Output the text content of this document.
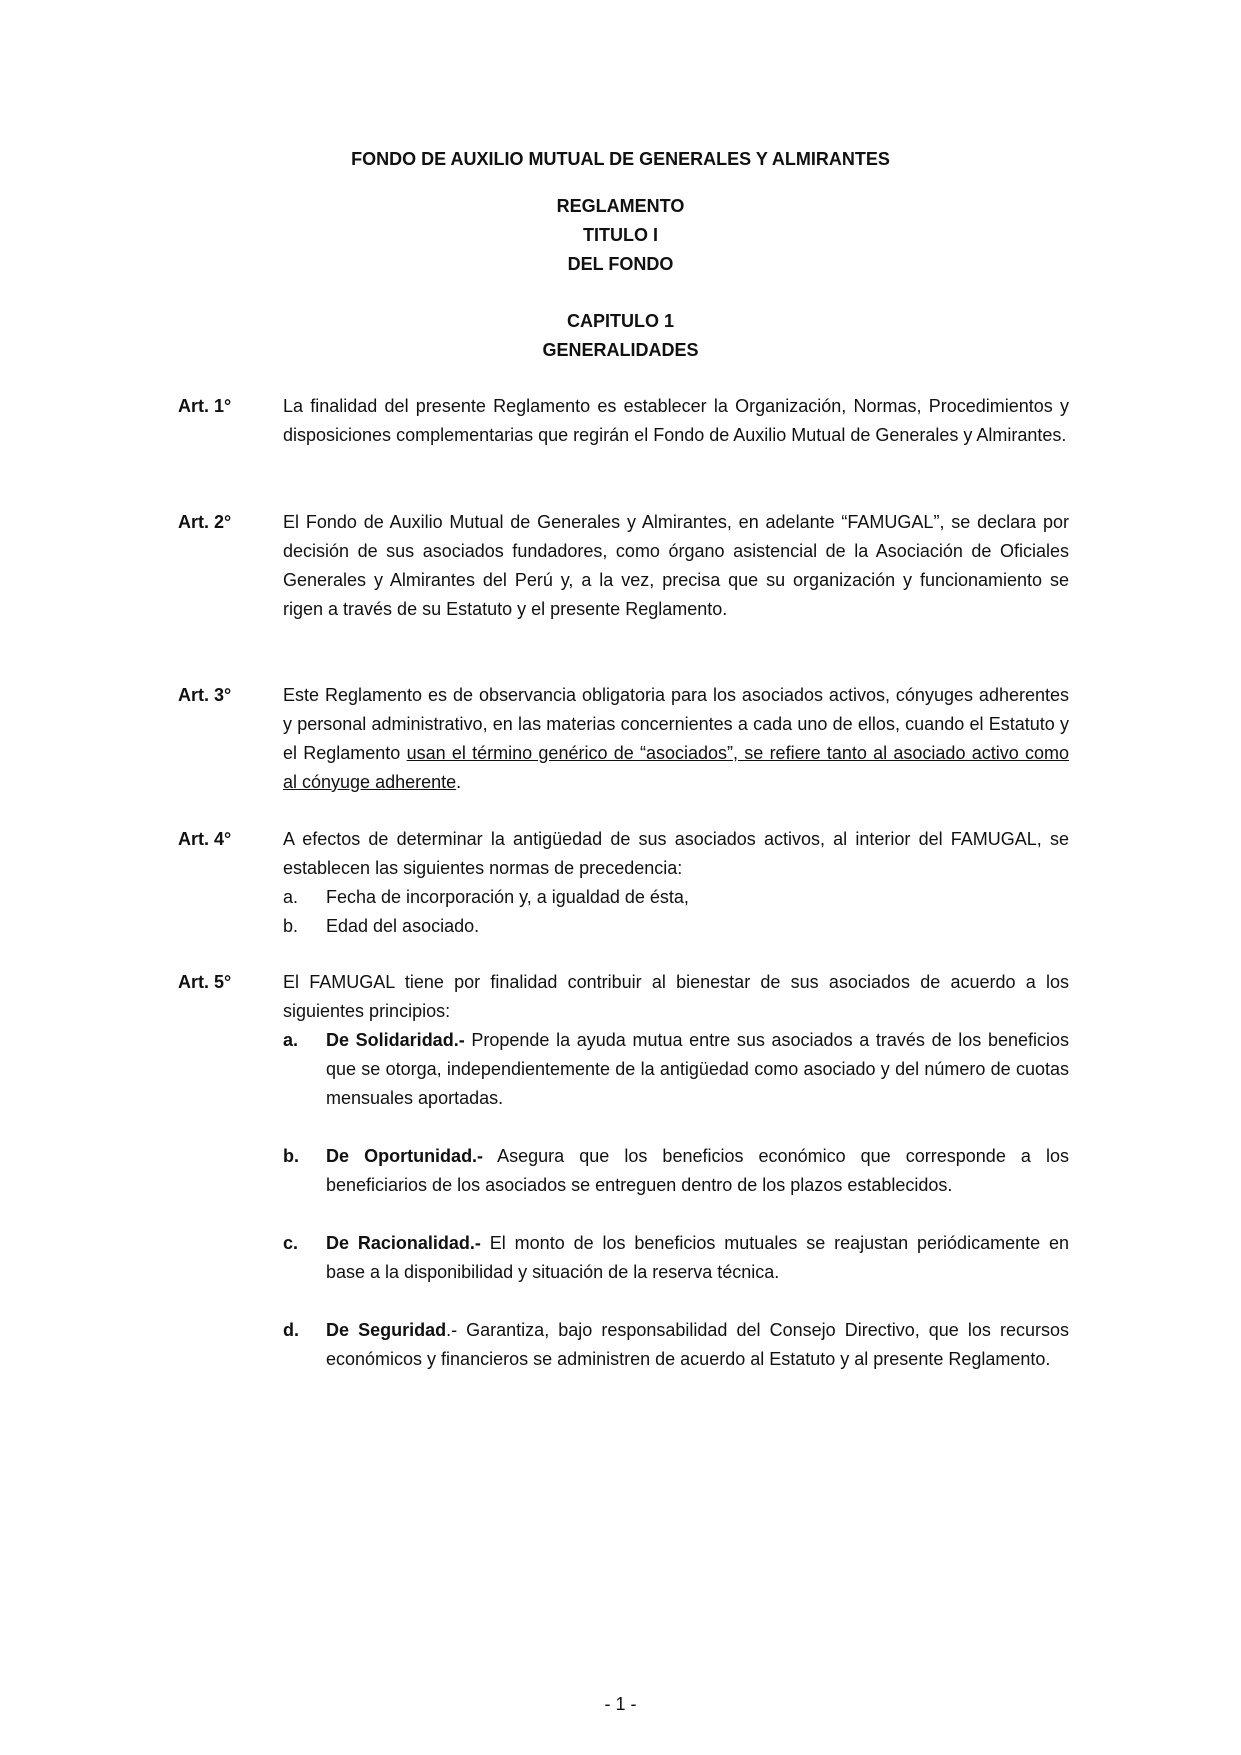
FONDO DE AUXILIO MUTUAL DE GENERALES Y ALMIRANTES
REGLAMENTO
TITULO I
DEL FONDO
CAPITULO 1
GENERALIDADES
Art. 1°	La finalidad del presente Reglamento es establecer la Organización, Normas, Procedimientos y disposiciones complementarias que regirán el Fondo de Auxilio Mutual de Generales y Almirantes.

Art. 2°	El Fondo de Auxilio Mutual de Generales y Almirantes, en adelante “FAMUGAL”, se declara por decisión de sus asociados fundadores, como órgano asistencial de la Asociación de Oficiales Generales y Almirantes del Perú y, a la vez, precisa que su organización y funcionamiento se rigen a través de su Estatuto y el presente Reglamento.

Art. 3°	Este Reglamento es de observancia obligatoria para los asociados activos, cónyuges adherentes y personal administrativo, en las materias concernientes a cada uno de ellos, cuando el Estatuto y el Reglamento usan el término genérico de “asociados”, se refiere tanto al asociado activo como al cónyuge adherente.

Art. 4°	A efectos de determinar la antigüedad de sus asociados activos, al interior del FAMUGAL, se establecen las siguientes normas de precedencia:

a. Fecha de incorporación y, a igualdad de ésta,
b. Edad del asociado.
Art. 5°	El FAMUGAL tiene por finalidad contribuir al bienestar de sus asociados de acuerdo a los siguientes principios:

a. De Solidaridad.- Propende la ayuda mutua entre sus asociados a través de los beneficios que se otorga, independientemente de la antigüedad como asociado y del número de cuotas mensuales aportadas.
b. De Oportunidad.- Asegura que los beneficios económico que corresponde a los beneficiarios de los asociados se entreguen dentro de los plazos establecidos.
c. De Racionalidad.- El monto de los beneficios mutuales se reajustan periódicamente en base a la disponibilidad y situación de la reserva técnica.
d. De Seguridad.- Garantiza, bajo responsabilidad del Consejo Directivo, que los recursos económicos y financieros se administren de acuerdo al Estatuto y al presente Reglamento.
- 1 -
